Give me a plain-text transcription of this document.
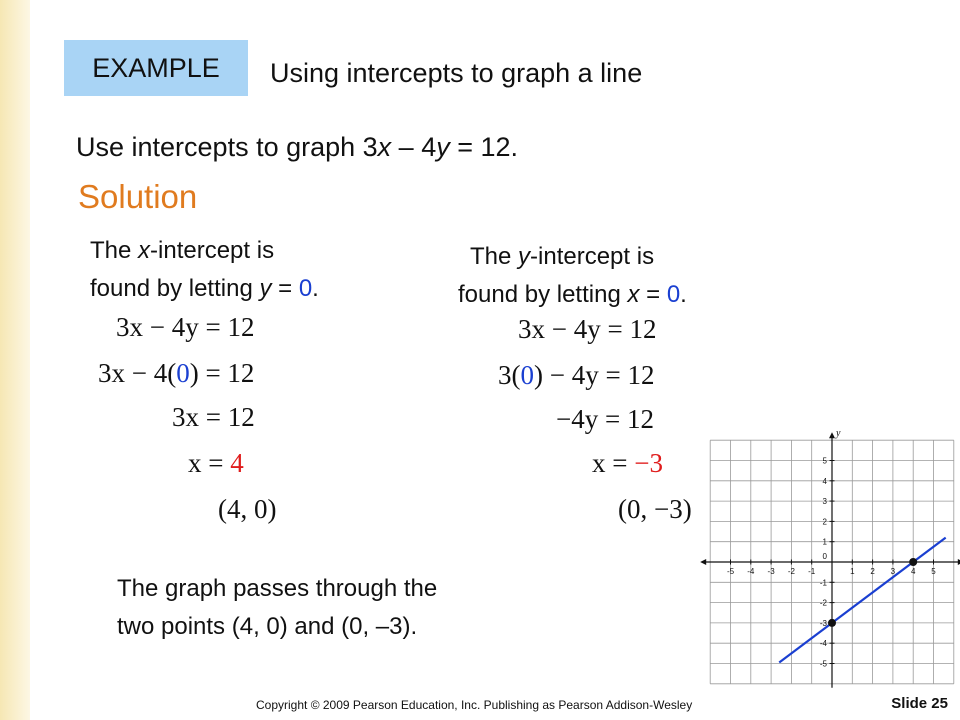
EXAMPLE	Using intercepts to graph a line
Use intercepts to graph 3x – 4y = 12.
Solution
The x-intercept is
found by letting y = 0.
3x − 4y = 12
3x − 4(0) = 12
3x = 12
x = 4
(4, 0)
The y-intercept is
found by letting x = 0.
3x − 4y = 12
3(0) − 4y = 12
−4y = 12
x = −3
(0, −3)
The graph passes through the
two points (4, 0) and (0, –3).
y
-5 -4 -3 -2 -1	1 2 3 4 5
5
4
3
2
1
-1
-2
-3
-4
-5
0
Copyright © 2009 Pearson Education, Inc. Publishing as Pearson Addison-Wesley	Slide 25
